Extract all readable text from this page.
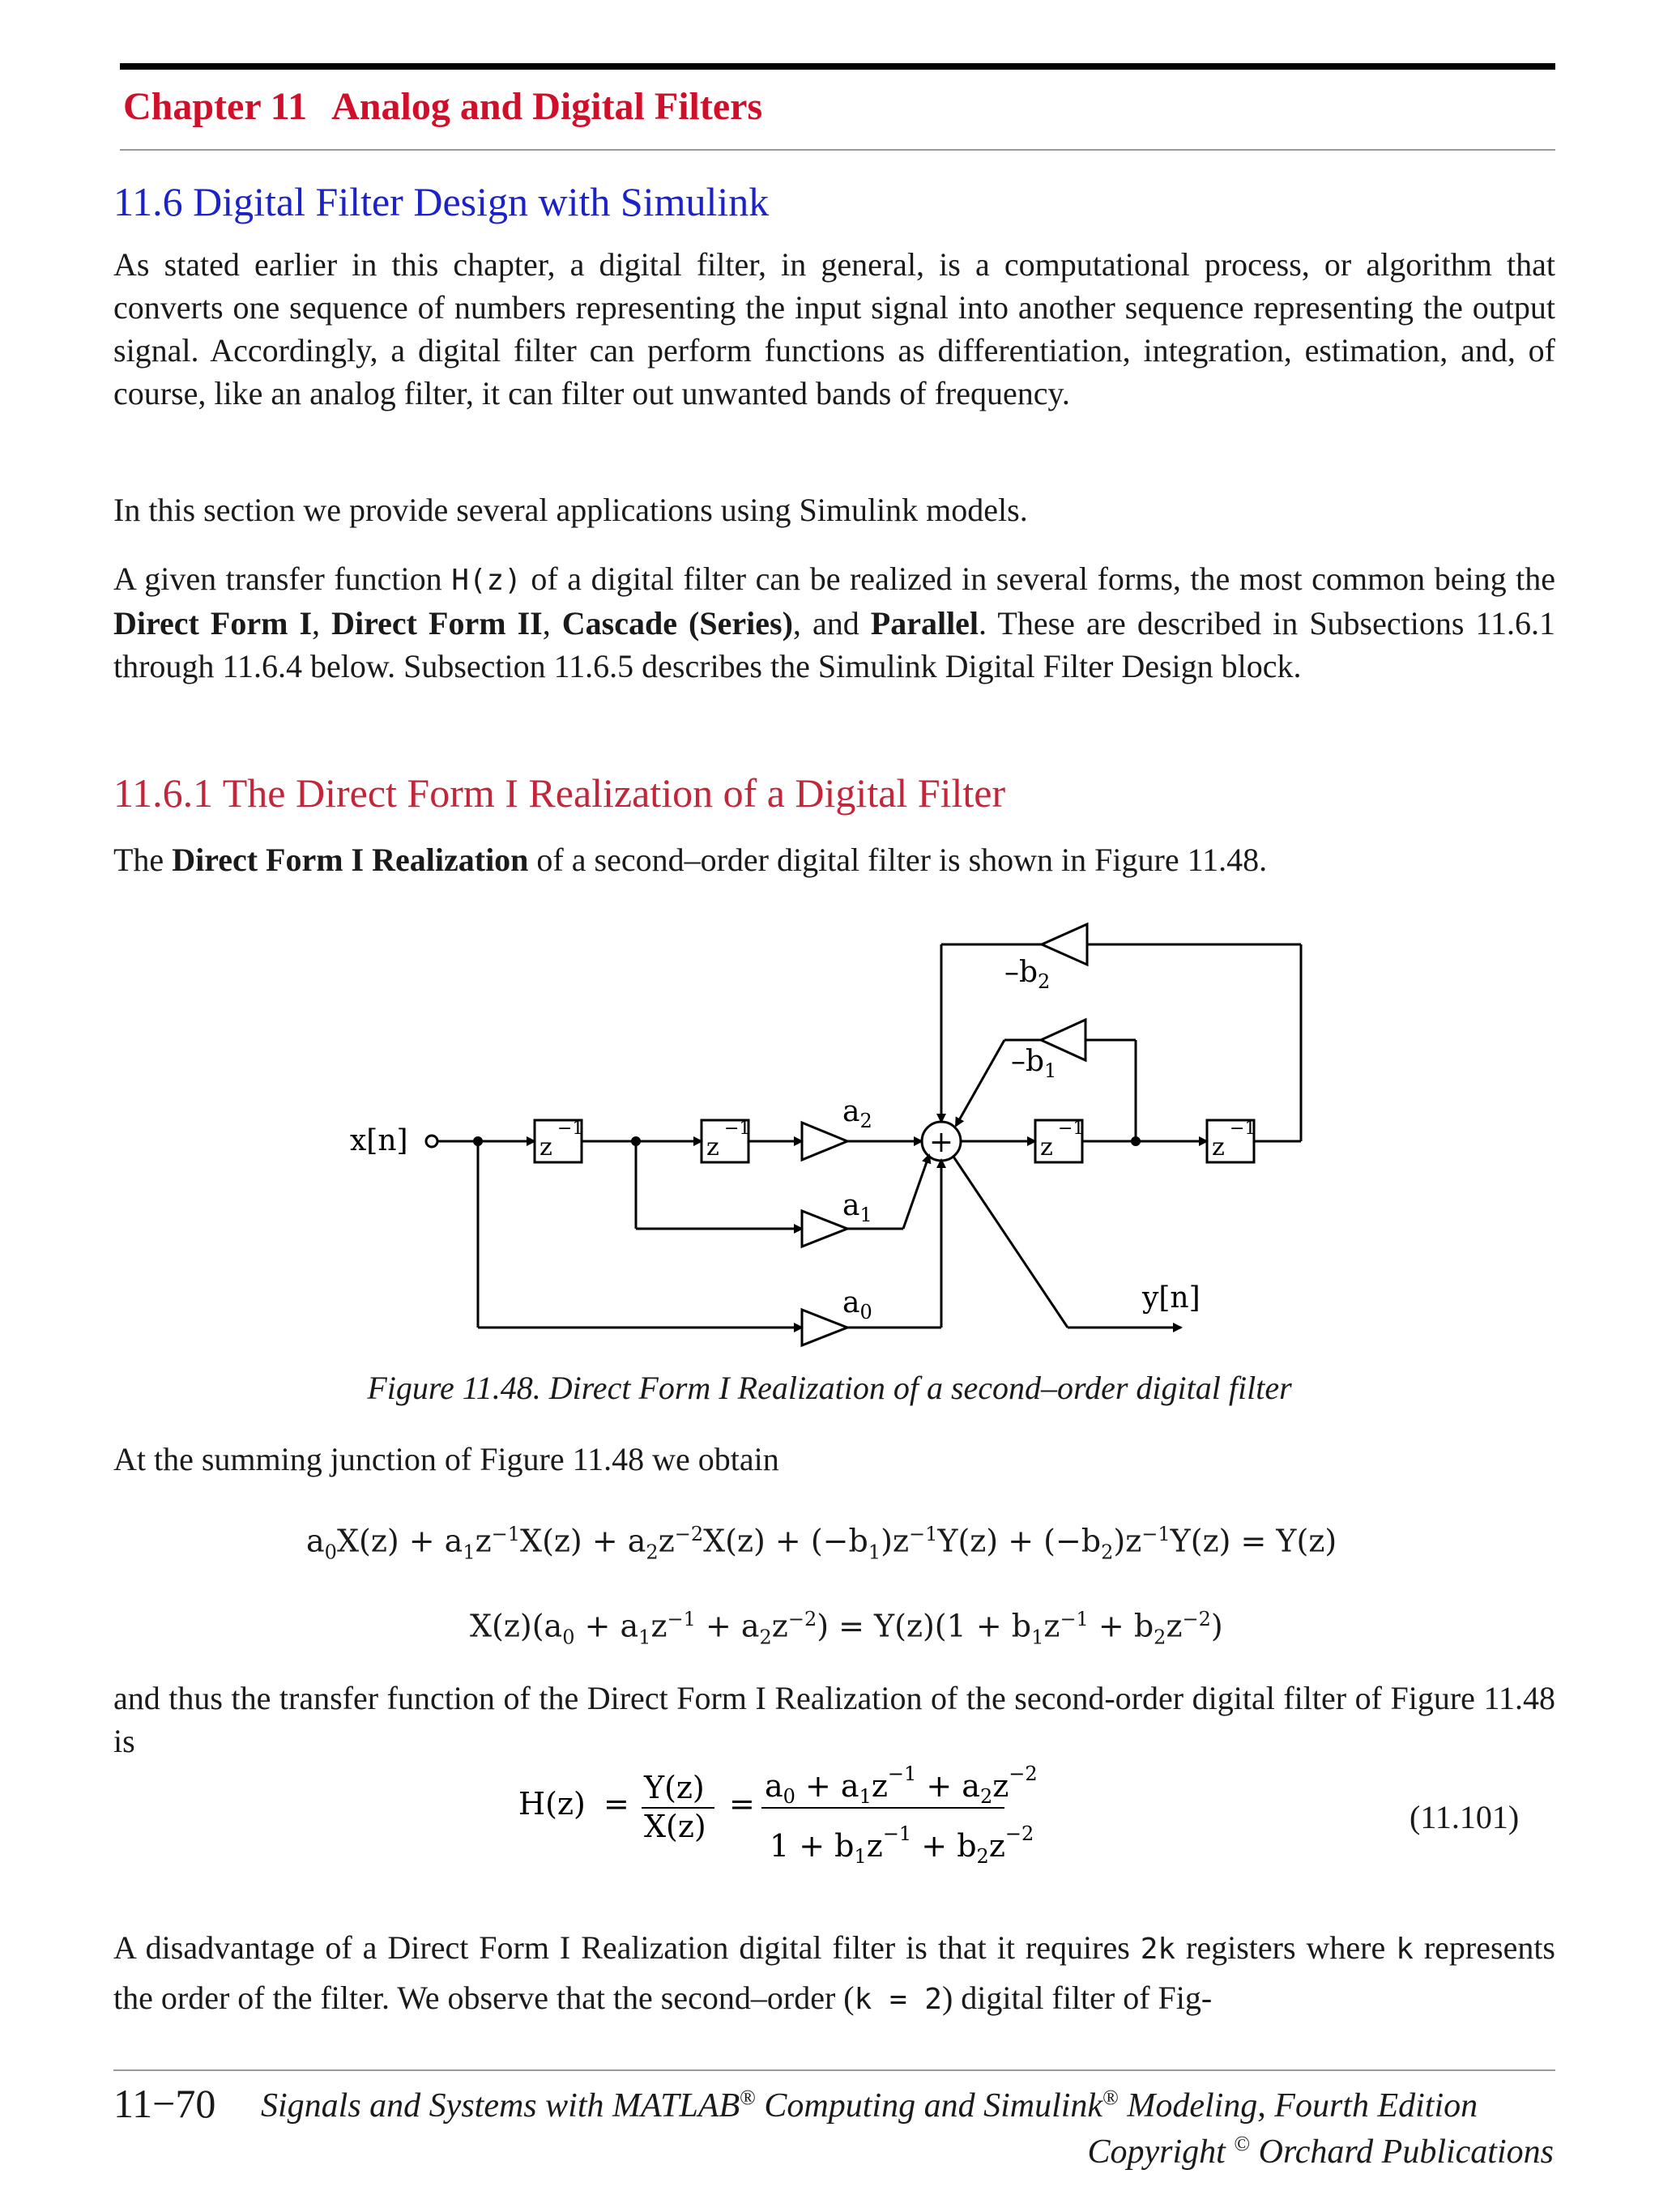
Chapter 11 Analog and Digital Filters
11.6 Digital Filter Design with Simulink

As stated earlier in this chapter, a digital filter, in general, is a computational process, or algorithm that converts one sequence of numbers representing the input signal into another sequence representing the output signal. Accordingly, a digital filter can perform functions as differentiation, integration, estimation, and, of course, like an analog filter, it can filter out unwanted bands of frequency.

In this section we provide several applications using Simulink models.

A given transfer function H(z) of a digital filter can be realized in several forms, the most common being the Direct Form I, Direct Form II, Cascade (Series), and Parallel. These are described in Subsections 11.6.1 through 11.6.4 below. Subsection 11.6.5 describes the Simulink Digital Filter Design block.

11.6.1 The Direct Form I Realization of a Digital Filter

The Direct Form I Realization of a second–order digital filter is shown in Figure 11.48.

x[n]
y[n]
+
z
−1
z
−1
z
−1
z
−1
$a_2$
$a_1$
$a_0$
$-b_2$
$-b_1$
Figure 11.48. Direct Form I Realization of a second–order digital filter

At the summing junction of Figure 11.48 we obtain

$a_0X(z) + a_1z^{-1}X(z) + a_2z^{-2}X(z) + (-b_1)z^{-1}Y(z) + (-b_2)z^{-1}Y(z) = Y(z)$
$X(z)(a_0 + a_1z^{-1} + a_2z^{-2}) = Y(z)(1 + b_1z^{-1} + b_2z^{-2})$

and thus the transfer function of the Direct Form I Realization of the second-order digital filter of Figure 11.48 is

H(z) = Y(z)
X(z)
= $a_0 + a_1z^{-1} + a_2z^{-2}$
$1 + b_1z^{-1} + b_2z^{-2}$	(11.101)

A disadvantage of a Direct Form I Realization digital filter is that it requires 2k registers where k represents the order of the filter. We observe that the second–order (k = 2) digital filter of Fig-

11−70 Signals and Systems with MATLAB® Computing and Simulink® Modeling, Fourth Edition
Copyright © Orchard Publications
